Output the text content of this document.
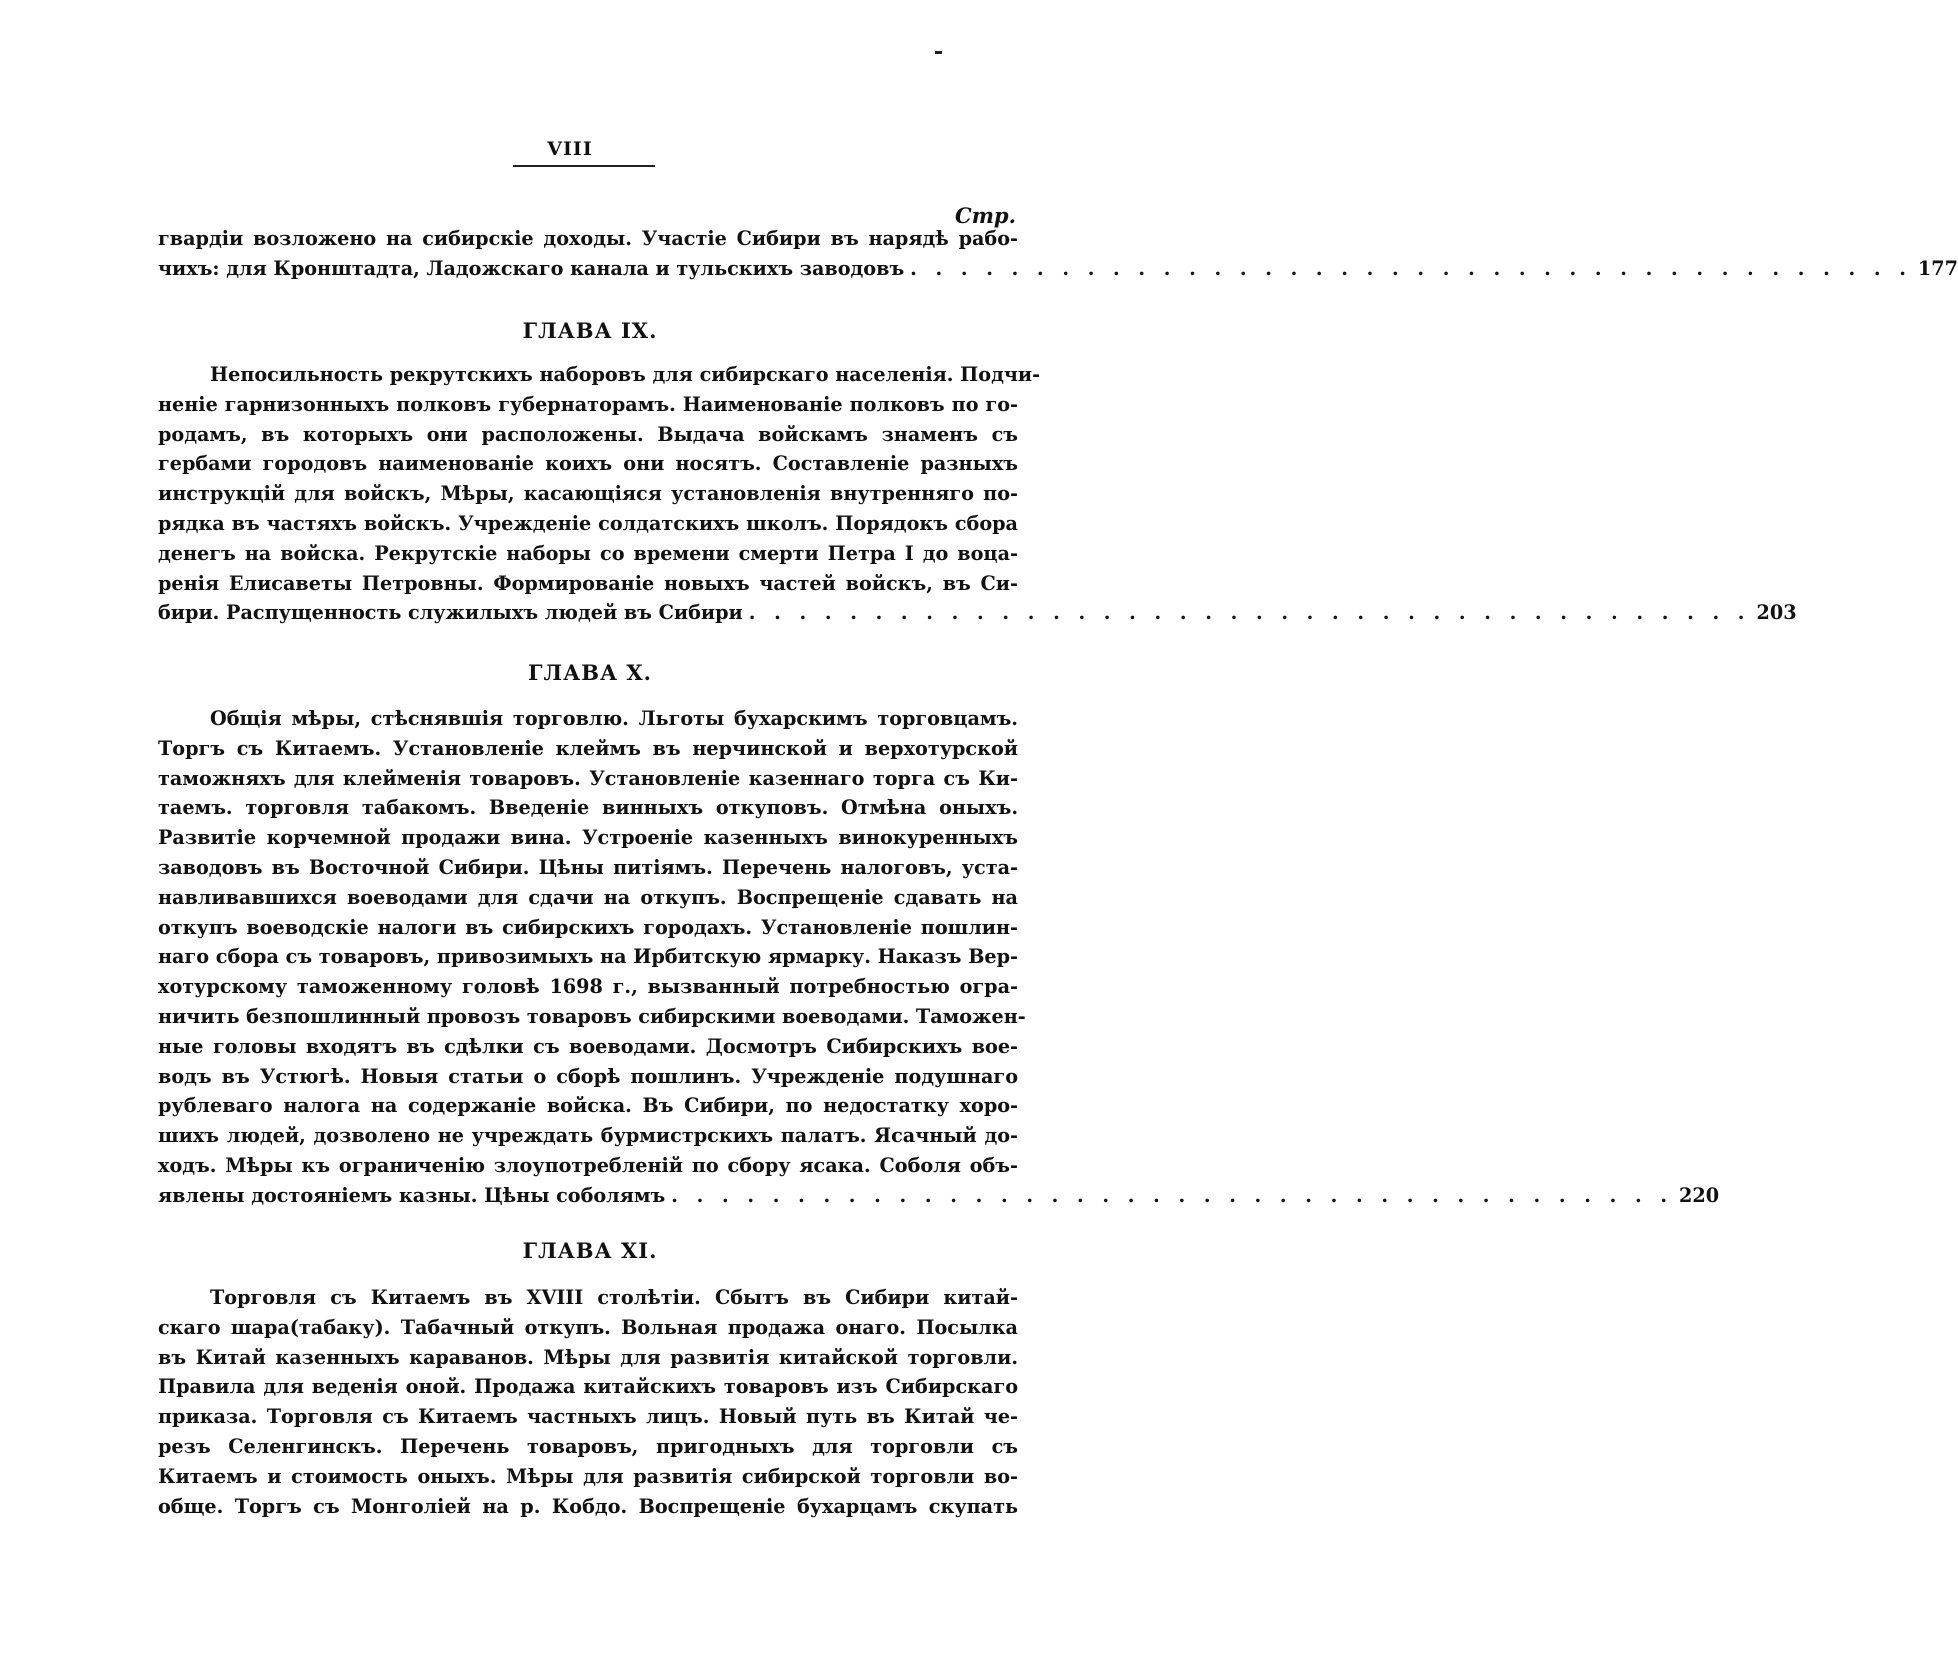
VIII
Стр.
гвардіи возложено на сибирскіе доходы. Участіе Сибири въ нарядѣ рабо-
чихъ: для Кронштадта, Ладожскаго канала и тульскихъ заводовъ . . . . . . . . . . . . . . . . . . . . . . . . . . . . . . . . . . . . . . . . 177
ГЛАВА IX.
Непосильность рекрутскихъ наборовъ для сибирскаго населенія. Подчи-
неніе гарнизонныхъ полковъ губернаторамъ. Наименованіе полковъ по го-
родамъ, въ которыхъ они расположены. Выдача войскамъ знаменъ съ
гербами городовъ наименованіе коихъ они носятъ. Составленіе разныхъ
инструкцій для войскъ, Мѣры, касающіяся установленія внутренняго по-
рядка въ частяхъ войскъ. Учрежденіе солдатскихъ школъ. Порядокъ сбора
денегъ на войска. Рекрутскіе наборы со времени смерти Петра I до воца-
ренія Елисаветы Петровны. Формированіе новыхъ частей войскъ, въ Си-
бири. Распущенность служилыхъ людей въ Сибири . . . . . . . . . . . . . . . . . . . . . . . . . . . . . . . . . . . . . . . . 203
ГЛАВА X.
Общія мѣры, стѣснявшія торговлю. Льготы бухарскимъ торговцамъ.
Торгъ съ Китаемъ. Установленіе клеймъ въ нерчинской и верхотурской
таможняхъ для клейменія товаровъ. Установленіе казеннаго торга съ Ки-
таемъ. торговля табакомъ. Введеніе винныхъ откуповъ. Отмѣна оныхъ.
Развитіе корчемной продажи вина. Устроеніе казенныхъ винокуренныхъ
заводовъ въ Восточной Сибири. Цѣны питіямъ. Перечень налоговъ, уста-
навливавшихся воеводами для сдачи на откупъ. Воспрещеніе сдавать на
откупъ воеводскіе налоги въ сибирскихъ городахъ. Установленіе пошлин-
наго сбора съ товаровъ, привозимыхъ на Ирбитскую ярмарку. Наказъ Вер-
хотурскому таможенному головѣ 1698 г., вызванный потребностью огра-
ничить безпошлинный провозъ товаровъ сибирскими воеводами. Таможен-
ные головы входятъ въ сдѣлки съ воеводами. Досмотръ Сибирскихъ вое-
водъ въ Устюгѣ. Новыя статьи о сборѣ пошлинъ. Учрежденіе подушнаго
рублеваго налога на содержаніе войска. Въ Сибири, по недостатку хоро-
шихъ людей, дозволено не учреждать бурмистрскихъ палатъ. Ясачный до-
ходъ. Мѣры къ ограниченію злоупотребленій по сбору ясака. Соболя объ-
явлены достояніемъ казны. Цѣны соболямъ . . . . . . . . . . . . . . . . . . . . . . . . . . . . . . . . . . . . . . . . 220
ГЛАВА XI.
Торговля съ Китаемъ въ XVIII столѣтіи. Сбытъ въ Сибири китай-
скаго шара(табаку). Табачный откупъ. Вольная продажа онаго. Посылка
въ Китай казенныхъ караванов. Мѣры для развитія китайской торговли.
Правила для веденія оной. Продажа китайскихъ товаровъ изъ Сибирскаго
приказа. Торговля съ Китаемъ частныхъ лицъ. Новый путь въ Китай че-
резъ Селенгинскъ. Перечень товаровъ, пригодныхъ для торговли съ
Китаемъ и стоимость оныхъ. Мѣры для развитія сибирской торговли во-
обще. Торгъ съ Монголіей на р. Кобдо. Воспрещеніе бухарцамъ скупать
